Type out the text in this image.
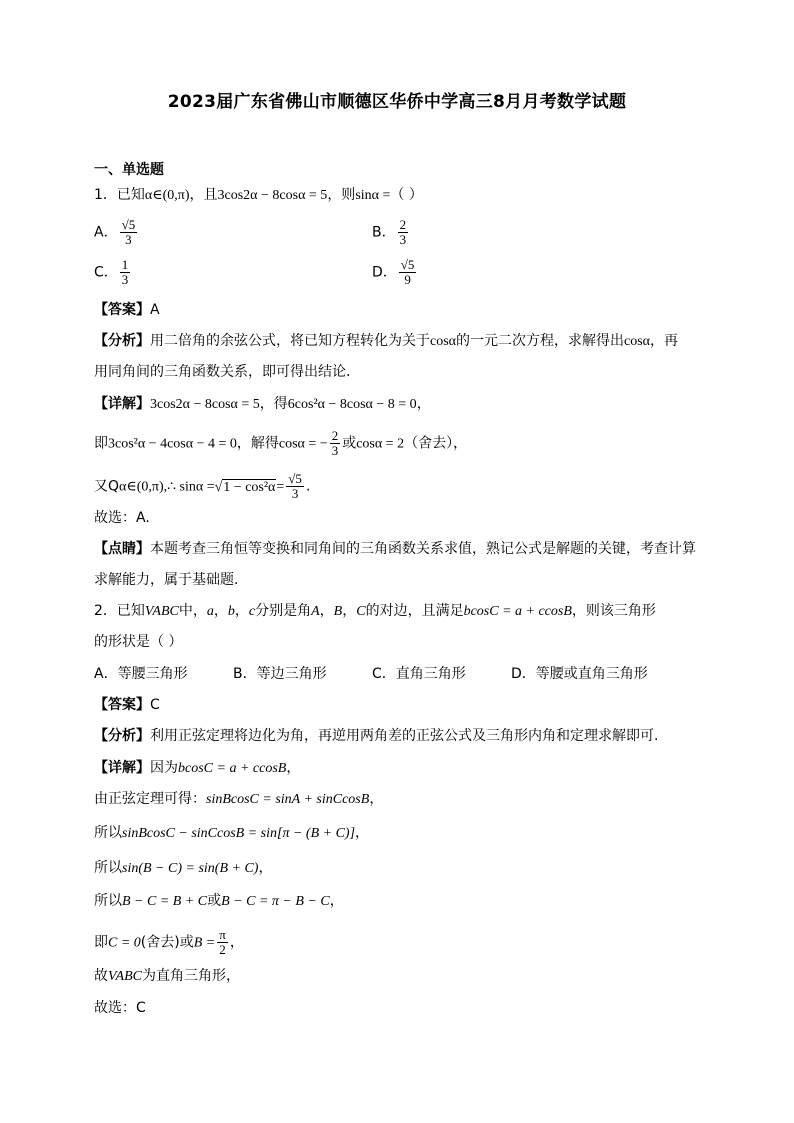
2023届广东省佛山市顺德区华侨中学高三8月月考数学试题
一、单选题
1．已知α∈(0,π)，且3cos2α − 8cosα = 5，则sinα =（ ）
A． $\frac{√5}{3}$	B． $\frac{2}{3}$
C． $\frac{1}{3}$	D． $\frac{√5}{9}$
【答案】A
【分析】用二倍角的余弦公式，将已知方程转化为关于cosα的一元二次方程，求解得出cosα，再
用同角间的三角函数关系，即可得出结论.
【详解】3cos2α − 8cosα = 5，得6cos²α − 8cosα − 8 = 0，
即3cos²α − 4cosα − 4 = 0，解得cosα = − $\frac{2}{3}$ 或cosα = 2（舍去），
又Qα∈(0,π),∴ $\sin\alpha =√1 - \cos^2\alpha= \frac{√5}{3}$ .
故选：A.
【点睛】本题考查三角恒等变换和同角间的三角函数关系求值，熟记公式是解题的关键，考查计算
求解能力，属于基础题.
2．已知VABC中，a，b，c分别是角A，B，C的对边，且满足bcosC = a + ccosB，则该三角形
的形状是（ ）
A．等腰三角形	B．等边三角形	C．直角三角形	D．等腰或直角三角形
【答案】C
【分析】利用正弦定理将边化为角，再逆用两角差的正弦公式及三角形内角和定理求解即可.
【详解】因为bcosC = a + ccosB，
由正弦定理可得：sinBcosC = sinA + sinCcosB，
所以sinBcosC − sinCcosB = sin[π − (B + C)]，
所以sin(B − C) = sin(B + C)，
所以B − C = B + C或B − C = π − B − C，
即C = 0(舍去)或$B = \frac{\pi}{2}$ ，
故VABC为直角三角形，
故选：C
